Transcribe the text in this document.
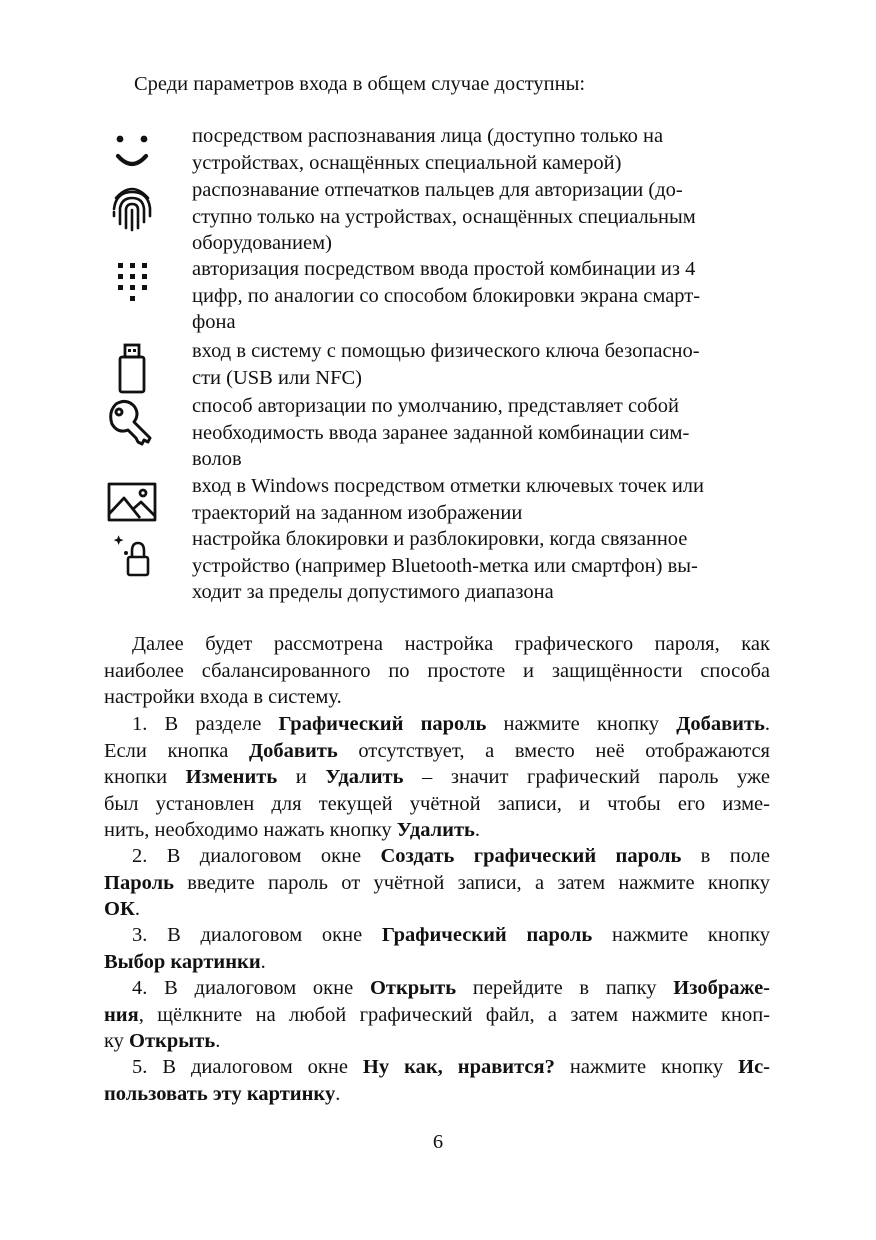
Среди параметров входа в общем случае доступны:
посредством распознавания лица (доступно только на
устройствах, оснащённых специальной камерой)
распознавание отпечатков пальцев для авторизации (до-
ступно только на устройствах, оснащённых специальным
оборудованием)
авторизация посредством ввода простой комбинации из 4
цифр, по аналогии со способом блокировки экрана смарт-
фона
вход в систему с помощью физического ключа безопасно-
сти (USB или NFC)
способ авторизации по умолчанию, представляет собой
необходимость ввода заранее заданной комбинации сим-
волов
вход в Windows посредством отметки ключевых точек или
траекторий на заданном изображении
настройка блокировки и разблокировки, когда связанное
устройство (например Bluetooth-метка или смартфон) вы-
ходит за пределы допустимого диапазона
Далее будет рассмотрена настройка графического пароля, как
наиболее сбалансированного по простоте и защищённости способа
настройки входа в систему.
1. В разделе Графический пароль нажмите кнопку Добавить.
Если кнопка Добавить отсутствует, а вместо неё отображаются
кнопки Изменить и Удалить – значит графический пароль уже
был установлен для текущей учётной записи, и чтобы его изме-
нить, необходимо нажать кнопку Удалить.
2. В диалоговом окне Создать графический пароль в поле
Пароль введите пароль от учётной записи, а затем нажмите кнопку
ОК.
3. В диалоговом окне Графический пароль нажмите кнопку
Выбор картинки.
4. В диалоговом окне Открыть перейдите в папку Изображе-
ния, щёлкните на любой графический файл, а затем нажмите кноп-
ку Открыть.
5. В диалоговом окне Ну как, нравится? нажмите кнопку Ис-
пользовать эту картинку.
6
